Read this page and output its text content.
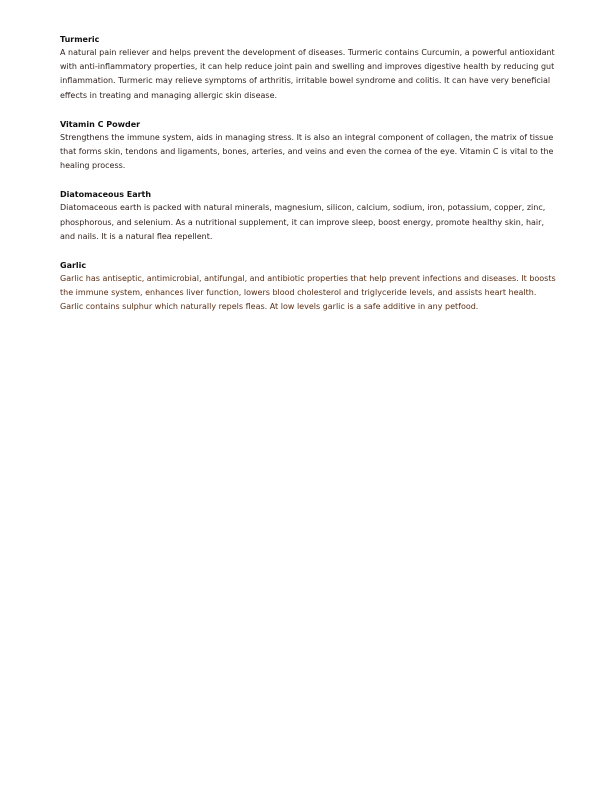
Turmeric

A natural pain reliever and helps prevent the development of diseases. Turmeric contains Curcumin, a powerful antioxidant with anti-inflammatory properties, it can help reduce joint pain and swelling and improves digestive health by reducing gut inflammation. Turmeric may relieve symptoms of arthritis, irritable bowel syndrome and colitis. It can have very beneficial effects in treating and managing allergic skin disease.

Vitamin C Powder

Strengthens the immune system, aids in managing stress. It is also an integral component of collagen, the matrix of tissue that forms skin, tendons and ligaments, bones, arteries, and veins and even the cornea of the eye. Vitamin C is vital to the healing process.

Diatomaceous Earth

Diatomaceous earth is packed with natural minerals, magnesium, silicon, calcium, sodium, iron, potassium, copper, zinc, phosphorous, and selenium. As a nutritional supplement, it can improve sleep, boost energy, promote healthy skin, hair, and nails. It is a natural flea repellent.

Garlic

Garlic has antiseptic, antimicrobial, antifungal, and antibiotic properties that help prevent infections and diseases. It boosts the immune system, enhances liver function, lowers blood cholesterol and triglyceride levels, and assists heart health. Garlic contains sulphur which naturally repels fleas. At low levels garlic is a safe additive in any petfood.
